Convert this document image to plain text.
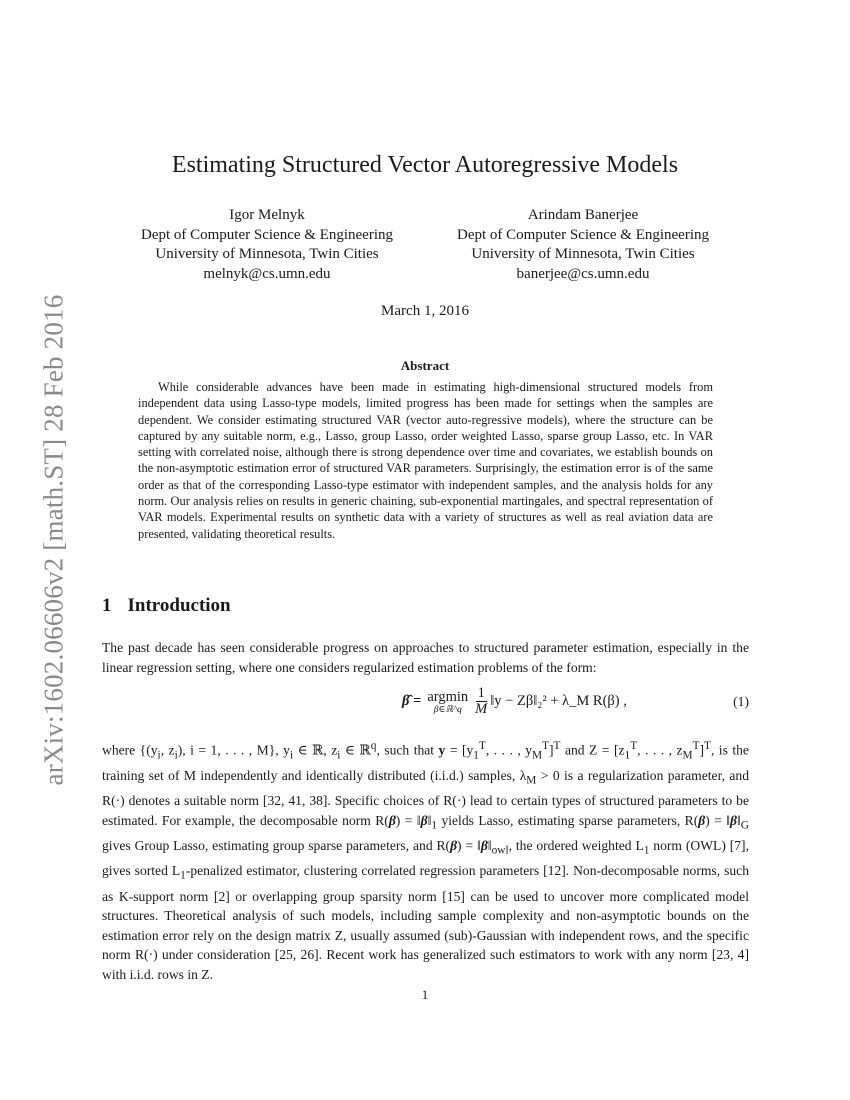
arXiv:1602.06606v2 [math.ST] 28 Feb 2016
Estimating Structured Vector Autoregressive Models
Igor Melnyk
Dept of Computer Science & Engineering
University of Minnesota, Twin Cities
melnyk@cs.umn.edu
Arindam Banerjee
Dept of Computer Science & Engineering
University of Minnesota, Twin Cities
banerjee@cs.umn.edu
March 1, 2016
Abstract
While considerable advances have been made in estimating high-dimensional structured models from independent data using Lasso-type models, limited progress has been made for settings when the samples are dependent. We consider estimating structured VAR (vector auto-regressive models), where the structure can be captured by any suitable norm, e.g., Lasso, group Lasso, order weighted Lasso, sparse group Lasso, etc. In VAR setting with correlated noise, although there is strong dependence over time and covariates, we establish bounds on the non-asymptotic estimation error of structured VAR parameters. Surprisingly, the estimation error is of the same order as that of the corresponding Lasso-type estimator with independent samples, and the analysis holds for any norm. Our analysis relies on results in generic chaining, sub-exponential martingales, and spectral representation of VAR models. Experimental results on synthetic data with a variety of structures as well as real aviation data are presented, validating theoretical results.
1 Introduction
The past decade has seen considerable progress on approaches to structured parameter estimation, especially in the linear regression setting, where one considers regularized estimation problems of the form:
β̂ = argmin
β∈ℝ^q $\frac{1}{M}$ ‖y − Zβ‖₂² + λ_M R(β) ,	(1)
where {($y_i$, $z_i$), i = 1, . . . , M}, $y_i$ ∈ ℝ, $z_i$ ∈ ℝ$^q$, such that $y = [y_1^T$, . . . , $y_M^T]^T$ and $Z = [z_1^T$, . . . , $z_M^T]^T$, is the training set of M independently and identically distributed (i.i.d.) samples, $\lambda_M > 0$ is a regularization parameter, and R(·) denotes a suitable norm [32, 41, 38]. Specific choices of R(·) lead to certain types of structured parameters to be estimated. For example, the decomposable norm $R(\beta) = ‖\beta‖_1$ yields Lasso, estimating sparse parameters, $R(\beta) = ‖\beta‖_G$ gives Group Lasso, estimating group sparse parameters, and $R(\beta) = ‖\beta‖_{owl}$, the ordered weighted $L_1$ norm (OWL) [7], gives sorted $L_1$-penalized estimator, clustering correlated regression parameters [12]. Non-decomposable norms, such as K-support norm [2] or overlapping group sparsity norm [15] can be used to uncover more complicated model structures. Theoretical analysis of such models, including sample complexity and non-asymptotic bounds on the estimation error rely on the design matrix Z, usually assumed (sub)-Gaussian with independent rows, and the specific norm R(·) under consideration [25, 26]. Recent work has generalized such estimators to work with any norm [23, 4] with i.i.d. rows in Z.
1
